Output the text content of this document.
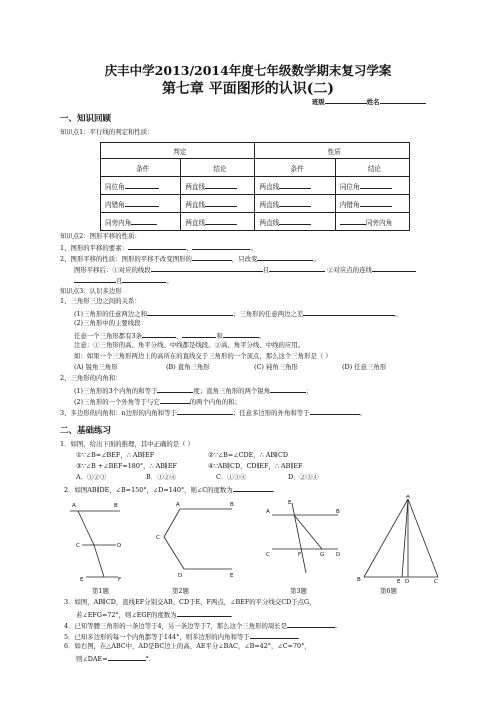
庆丰中学2013/2014年度七年级数学期末复习学案
第七章 平面图形的认识(二)
班级	姓名
一、知识回顾
知识点1：平行线的判定和性质：
判定		性质	
条件	结论	条件	结论
同位角	两直线	两直线	同位角
内错角	两直线	两直线	内错角
同旁内角	两直线	两直线	同旁内角
知识点2：图形平移的性质：
1、图形的平移的要素：	、	。
2、图形平移的性质：图形的平移不改变图形的	，只改变	。
图形平移后：①对应的线段	且	②对应点的连线
且	。
知识点3：认识多边形
1、三角形三边之间的关系：
(1)三角形的任意两边之和	；三角形的任意两边之差	。
(2)三角形中的主要线段：
任意一个三角形都有3条	、	和	。
注意：①三角形的高、角平分线、中线都是线段。②高、角平分线、中线的应用。
如：如果一个三角形两边上的高所在的直线交于三角形的一个顶点，那么这个三角形是（ ）
(A) 锐角三角形	(B) 直角三角形	(C) 钝角三角形	(D) 任意三角形
2、三角形的内角和：
(1)三角形的3个内角的和等于	度；直角三角形的两个锐角	；
(2)三角形的一个外角等于与它	的两个内角的和；
3、多边形的内角和：n边形的内角和等于	；任意多边形的外角和等于	。
二、基础练习
1．如图，给出下面的推理，其中正确的是（ ）
①∵∠B=∠BEF，∴ AB∥EF	②∵∠B=∠CDE，∴ AB∥CD
③∵∠B +∠BEF=180°，∴ AB∥EF	④∵AB∥CD，CD∥EF，∴ AB∥EF
A．①②③	B．①②④	C．①③④	D．②③④
2．如图AB∥DE，∠B=150°，∠D=140°，则∠C的度数为	.
A	B
C	D
E	F
A	B
C
D	E
E
A	B
C	F	G D
A
B	E D	C
第1题	第2题	第3题	第6题
3．如图，AB∥CD，直线EF分别交AB、CD于E、F两点，∠BEF的平分线交CD于点G，
若∠EFG=72°，则∠EGF的度数为	.
4．已知等腰三角形的一条边等于4，另一条边等于7，那么这个三角形的周长是	.
5．已知多边形的每一个内角都等于144°，则多边形的内角和等于	.
6．如右图，在△ABC中，AD是BC边上的高，AE平分∠BAC，∠B=42°，∠C=70°，
则∠DAE=	°.
